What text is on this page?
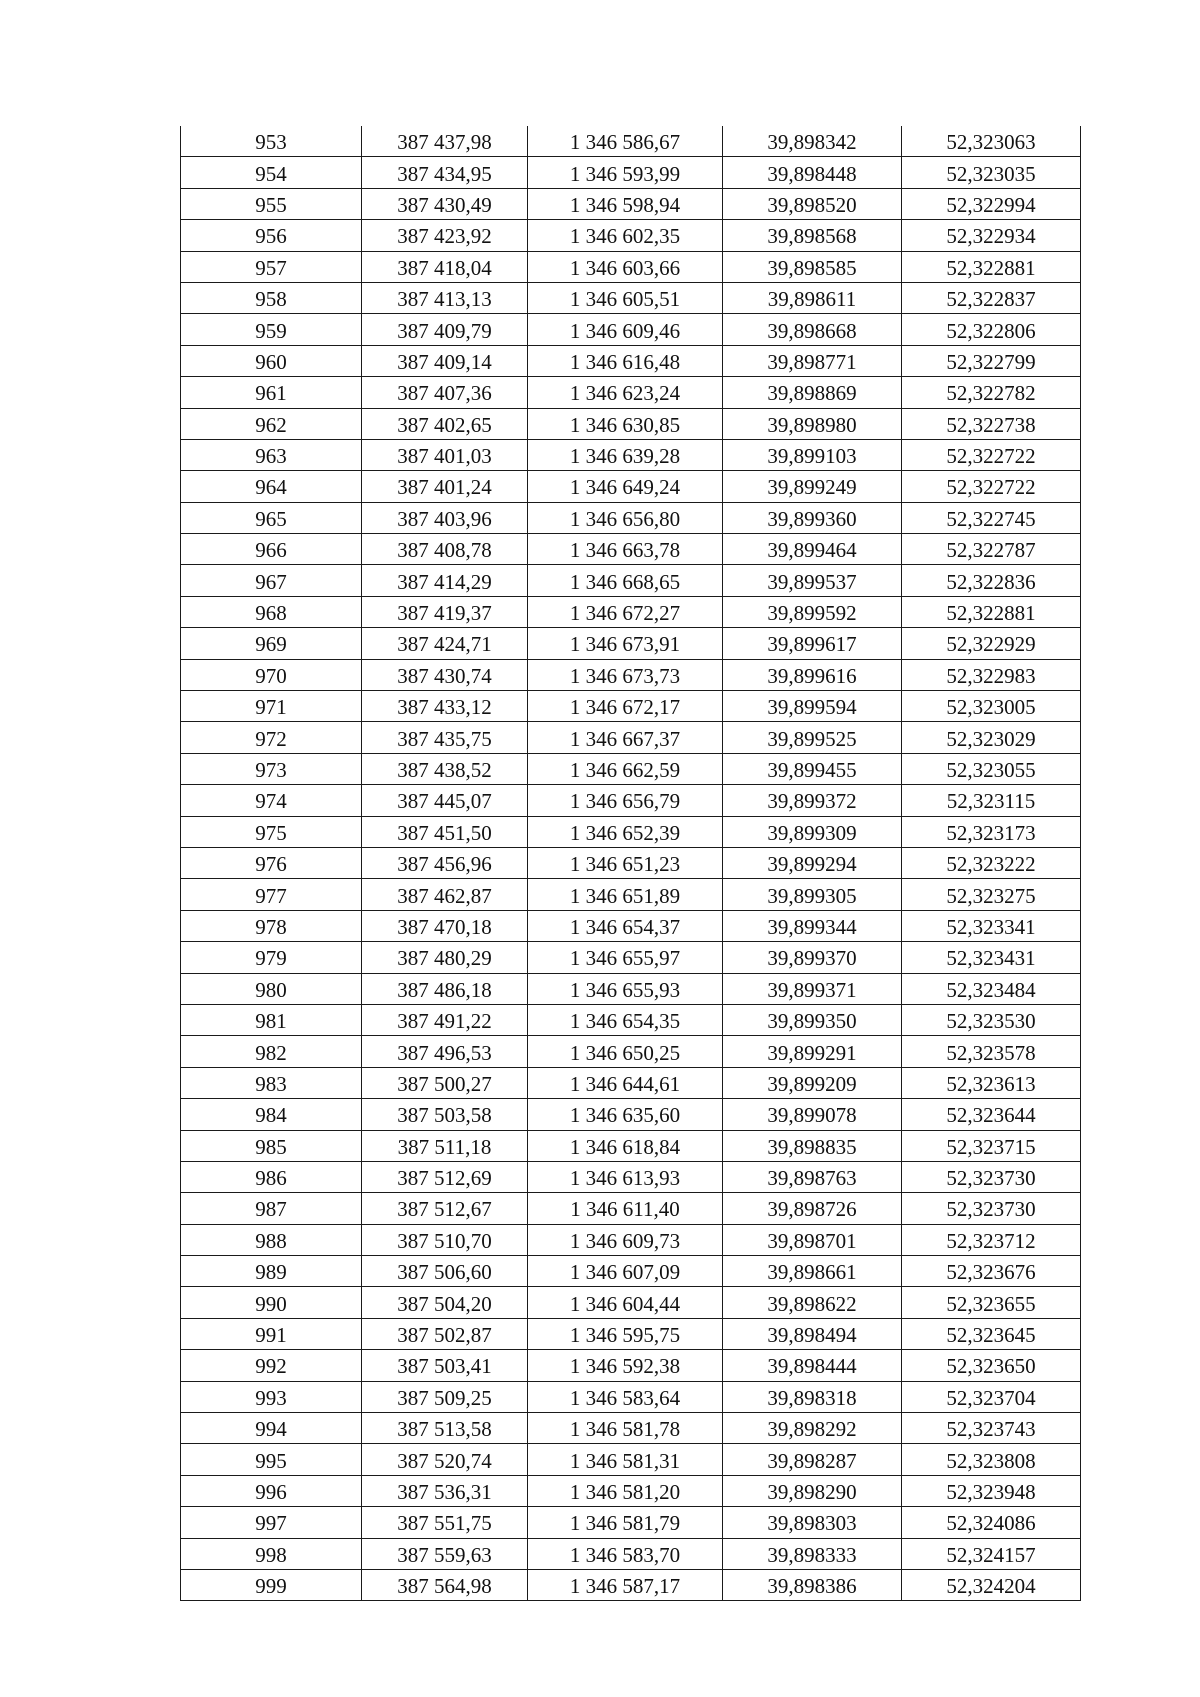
953	387 437,98	1 346 586,67	39,898342	52,323063
954	387 434,95	1 346 593,99	39,898448	52,323035
955	387 430,49	1 346 598,94	39,898520	52,322994
956	387 423,92	1 346 602,35	39,898568	52,322934
957	387 418,04	1 346 603,66	39,898585	52,322881
958	387 413,13	1 346 605,51	39,898611	52,322837
959	387 409,79	1 346 609,46	39,898668	52,322806
960	387 409,14	1 346 616,48	39,898771	52,322799
961	387 407,36	1 346 623,24	39,898869	52,322782
962	387 402,65	1 346 630,85	39,898980	52,322738
963	387 401,03	1 346 639,28	39,899103	52,322722
964	387 401,24	1 346 649,24	39,899249	52,322722
965	387 403,96	1 346 656,80	39,899360	52,322745
966	387 408,78	1 346 663,78	39,899464	52,322787
967	387 414,29	1 346 668,65	39,899537	52,322836
968	387 419,37	1 346 672,27	39,899592	52,322881
969	387 424,71	1 346 673,91	39,899617	52,322929
970	387 430,74	1 346 673,73	39,899616	52,322983
971	387 433,12	1 346 672,17	39,899594	52,323005
972	387 435,75	1 346 667,37	39,899525	52,323029
973	387 438,52	1 346 662,59	39,899455	52,323055
974	387 445,07	1 346 656,79	39,899372	52,323115
975	387 451,50	1 346 652,39	39,899309	52,323173
976	387 456,96	1 346 651,23	39,899294	52,323222
977	387 462,87	1 346 651,89	39,899305	52,323275
978	387 470,18	1 346 654,37	39,899344	52,323341
979	387 480,29	1 346 655,97	39,899370	52,323431
980	387 486,18	1 346 655,93	39,899371	52,323484
981	387 491,22	1 346 654,35	39,899350	52,323530
982	387 496,53	1 346 650,25	39,899291	52,323578
983	387 500,27	1 346 644,61	39,899209	52,323613
984	387 503,58	1 346 635,60	39,899078	52,323644
985	387 511,18	1 346 618,84	39,898835	52,323715
986	387 512,69	1 346 613,93	39,898763	52,323730
987	387 512,67	1 346 611,40	39,898726	52,323730
988	387 510,70	1 346 609,73	39,898701	52,323712
989	387 506,60	1 346 607,09	39,898661	52,323676
990	387 504,20	1 346 604,44	39,898622	52,323655
991	387 502,87	1 346 595,75	39,898494	52,323645
992	387 503,41	1 346 592,38	39,898444	52,323650
993	387 509,25	1 346 583,64	39,898318	52,323704
994	387 513,58	1 346 581,78	39,898292	52,323743
995	387 520,74	1 346 581,31	39,898287	52,323808
996	387 536,31	1 346 581,20	39,898290	52,323948
997	387 551,75	1 346 581,79	39,898303	52,324086
998	387 559,63	1 346 583,70	39,898333	52,324157
999	387 564,98	1 346 587,17	39,898386	52,324204
